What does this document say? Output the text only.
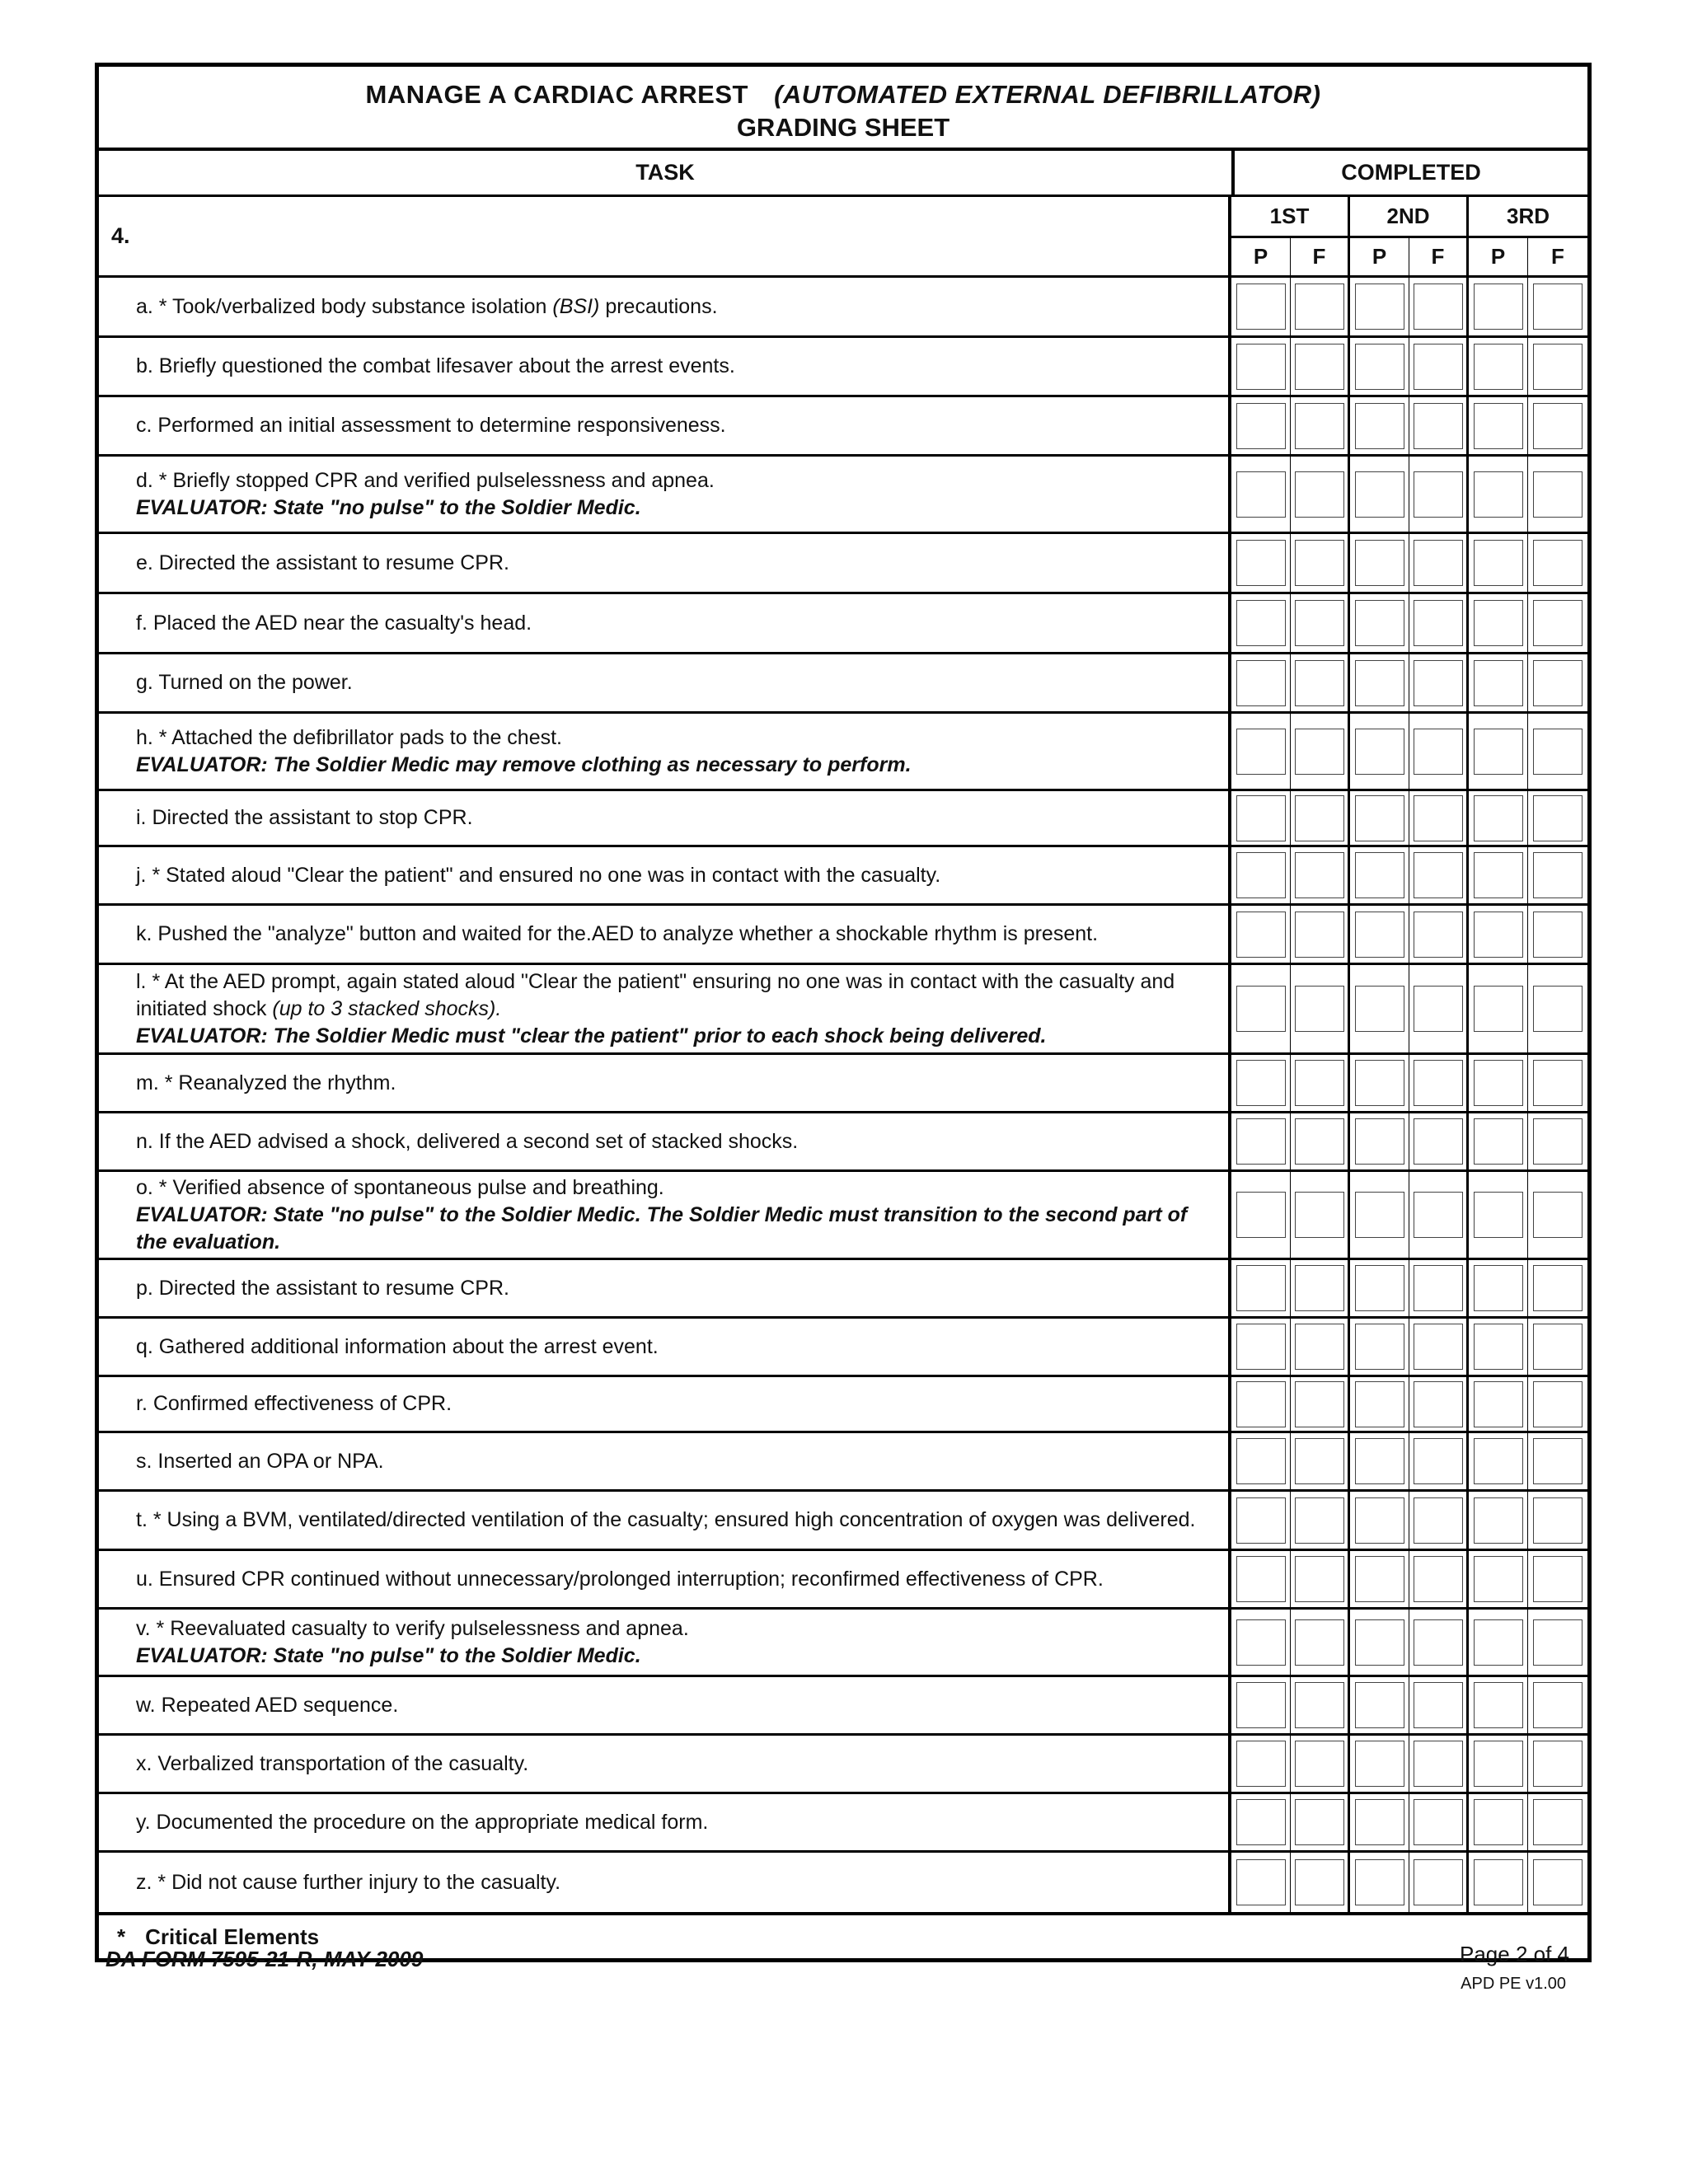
MANAGE A CARDIAC ARREST (AUTOMATED EXTERNAL DEFIBRILLATOR)
GRADING SHEET
TASK	COMPLETED
4.
1ST	2ND	3RD
P	F	P	F	P	F
a. * Took/verbalized body substance isolation (BSI) precautions.
b. Briefly questioned the combat lifesaver about the arrest events.
c. Performed an initial assessment to determine responsiveness.
d. * Briefly stopped CPR and verified pulselessness and apnea.
EVALUATOR: State "no pulse" to the Soldier Medic.
e. Directed the assistant to resume CPR.
f. Placed the AED near the casualty's head.
g. Turned on the power.
h. * Attached the defibrillator pads to the chest.
EVALUATOR: The Soldier Medic may remove clothing as necessary to perform.
i. Directed the assistant to stop CPR.
j. * Stated aloud "Clear the patient" and ensured no one was in contact with the casualty.
k. Pushed the "analyze" button and waited for the.AED to analyze whether a shockable rhythm is present.
l. * At the AED prompt, again stated aloud "Clear the patient" ensuring no one was in contact with the casualty and initiated shock (up to 3 stacked shocks).
EVALUATOR: The Soldier Medic must "clear the patient" prior to each shock being delivered.
m. * Reanalyzed the rhythm.
n. If the AED advised a shock, delivered a second set of stacked shocks.
o. * Verified absence of spontaneous pulse and breathing.
EVALUATOR: State "no pulse" to the Soldier Medic. The Soldier Medic must transition to the second part of the evaluation.
p. Directed the assistant to resume CPR.
q. Gathered additional information about the arrest event.
r. Confirmed effectiveness of CPR.
s. Inserted an OPA or NPA.
t. * Using a BVM, ventilated/directed ventilation of the casualty; ensured high concentration of oxygen was delivered.
u. Ensured CPR continued without unnecessary/prolonged interruption; reconfirmed effectiveness of CPR.
v. * Reevaluated casualty to verify pulselessness and apnea.
EVALUATOR: State "no pulse" to the Soldier Medic.
w. Repeated AED sequence.
x. Verbalized transportation of the casualty.
y. Documented the procedure on the appropriate medical form.
z. * Did not cause further injury to the casualty.
* Critical Elements
DA FORM 7595-21-R, MAY 2009	Page 2 of 4
APD PE v1.00
